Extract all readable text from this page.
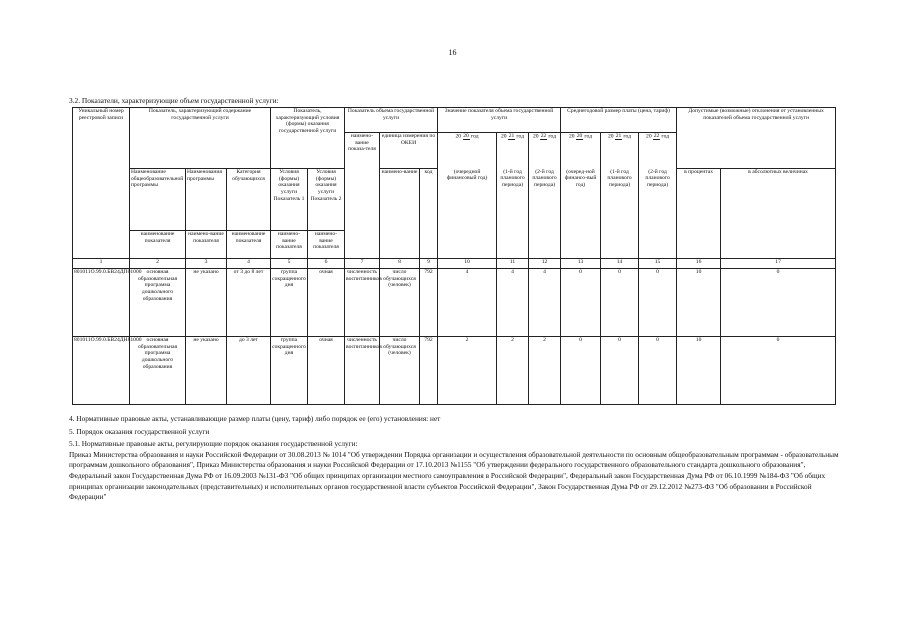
16
3.2. Показатели, характеризующие объем государственной услуги:
Уникальный номер реестровой записи	Показатель, характеризующий содержание государственной услуги			Показатель, характеризующий условия (формы) оказания государственной услуги		Показатель объема государственной услуги			Значение показателя объема государственной услуги			Среднегодовой размер платы (цена, тариф)			Допустимые (возможные) отклонения от установленных показателей объема государственной услуги	
						наимено-вание показа-теля	единица измерения по ОКЕИ		20 20 год	20 21 год	20 22 год	20 20 год	20 21 год	20 22 год		
	Наименование общеобразовательной программы	Наименования программы	Категория обучающихся	Условия (формы) оказания услуги Показатель 1	Условия (формы) оказания услуги Показатель 2		наимено-вание	код	(очередной финансовый год)	(1-й год планового периода)	(2-й год планового периода)	(очеред-ной финансо-вый год)	(1-й год планового периода)	(2-й год планового периода)	в процентах	в абсолютных величинах
	наименование показателя	наимено-вание показателя	наименование показателя	наимено-вание показателя	наимено-вание показателя											
1	2	3	4	5	6	7	8	9	10	11	12	13	14	15	16	17
801011О.99.0.БВ24ДП01000	основная образовательная программа дошкольного образования	не указано	от 3 до 8 лет	группа сокращенного дня	очная	численность воспитанников	число обучающихся (человек)	792	4	4	4	0	0	0	10	0
801011О.99.0.БВ24ДН81000	основная образовательная программа дошкольного образования	не указано	до 3 лет	группа сокращенного дня	очная	численность воспитанников	число обучающихся (человек)	792	2	2	2	0	0	0	10	0

4. Нормативные правовые акты, устанавливающие размер платы (цену, тариф) либо порядок ее (его) установления: нет

5. Порядок оказания государственной услуги

5.1. Нормативные правовые акты, регулирующие порядок оказания государственной услуги:

Приказ Министерства образования и науки Российской Федерации от 30.08.2013 № 1014 "Об утверждении Порядка организации и осуществления образовательной деятельности по основным общеобразовательным программам - образовательным программам дошкольного образования", Приказ Министерства образования и науки Российской Федерации от 17.10.2013 №1155 "Об утверждении федерального государственного образовательного стандарта дошкольного образования", Федеральный закон Государственная Дума РФ от 16.09.2003 №131-ФЗ "Об общих принципах организации местного самоуправления в Российской Федерации", Федеральный закон Государственная Дума РФ от 06.10.1999 №184-ФЗ "Об общих принципах организации законодательных (представительных) и исполнительных органов государственной власти субъектов Российской Федерации", Закон Государственная Дума РФ от 29.12.2012 №273-ФЗ "Об образовании в Российской Федерации"
